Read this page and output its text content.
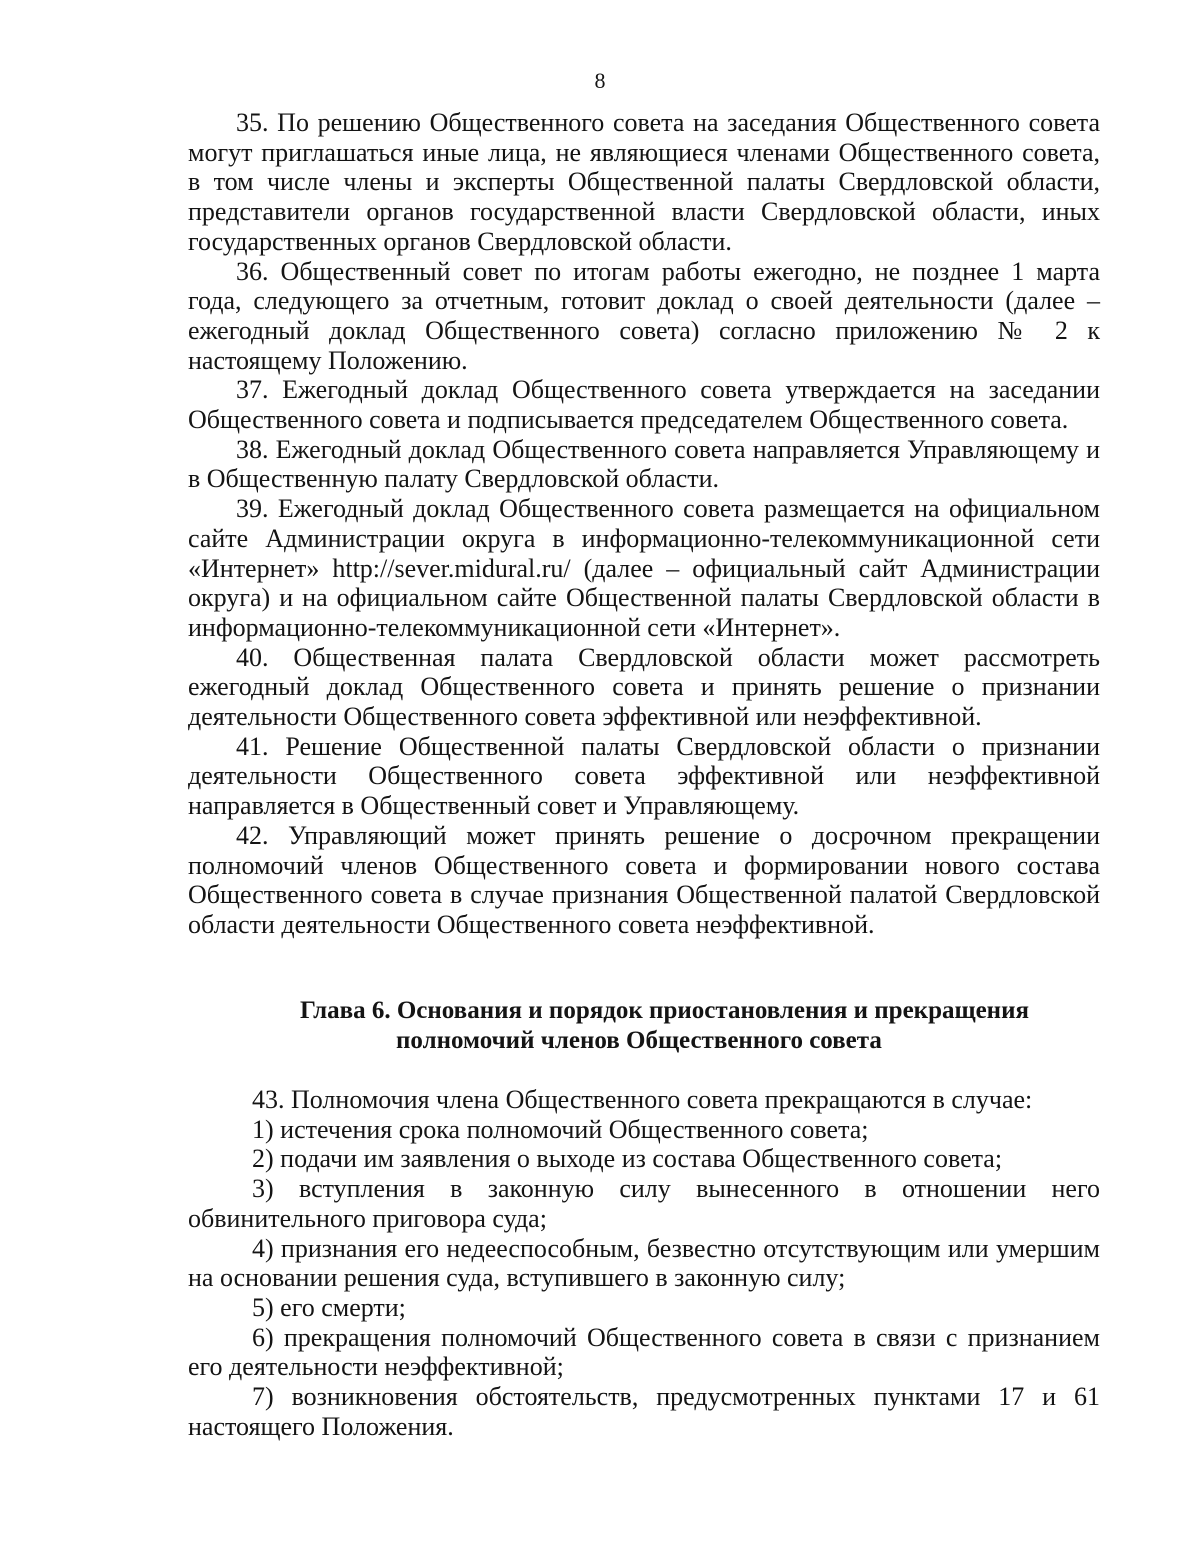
8

35. По решению Общественного совета на заседания Общественного совета могут приглашаться иные лица, не являющиеся членами Общественного совета, в том числе члены и эксперты Общественной палаты Свердловской области, представители органов государственной власти Свердловской области, иных государственных органов Свердловской области.

36. Общественный совет по итогам работы ежегодно, не позднее 1 марта года, следующего за отчетным, готовит доклад о своей деятельности (далее – ежегодный доклад Общественного совета) согласно приложению № 2 к настоящему Положению.

37. Ежегодный доклад Общественного совета утверждается на заседании Общественного совета и подписывается председателем Общественного совета.

38. Ежегодный доклад Общественного совета направляется Управляющему и в Общественную палату Свердловской области.

39. Ежегодный доклад Общественного совета размещается на официальном сайте Администрации округа в информационно-телекоммуникационной сети «Интернет» http://sever.midural.ru/ (далее – официальный сайт Администрации округа) и на официальном сайте Общественной палаты Свердловской области в информационно-телекоммуникационной сети «Интернет».

40. Общественная палата Свердловской области может рассмотреть ежегодный доклад Общественного совета и принять решение о признании деятельности Общественного совета эффективной или неэффективной.

41. Решение Общественной палаты Свердловской области о признании деятельности Общественного совета эффективной или неэффективной направляется в Общественный совет и Управляющему.

42. Управляющий может принять решение о досрочном прекращении полномочий членов Общественного совета и формировании нового состава Общественного совета в случае признания Общественной палатой Свердловской области деятельности Общественного совета неэффективной.

Глава 6. Основания и порядок приостановления и прекращения

полномочий членов Общественного совета

43. Полномочия члена Общественного совета прекращаются в случае:

1) истечения срока полномочий Общественного совета;

2) подачи им заявления о выходе из состава Общественного совета;

3) вступления в законную силу вынесенного в отношении него обвинительного приговора суда;

4) признания его недееспособным, безвестно отсутствующим или умершим на основании решения суда, вступившего в законную силу;

5) его смерти;

6) прекращения полномочий Общественного совета в связи с признанием его деятельности неэффективной;

7) возникновения обстоятельств, предусмотренных пунктами 17 и 61 настоящего Положения.
